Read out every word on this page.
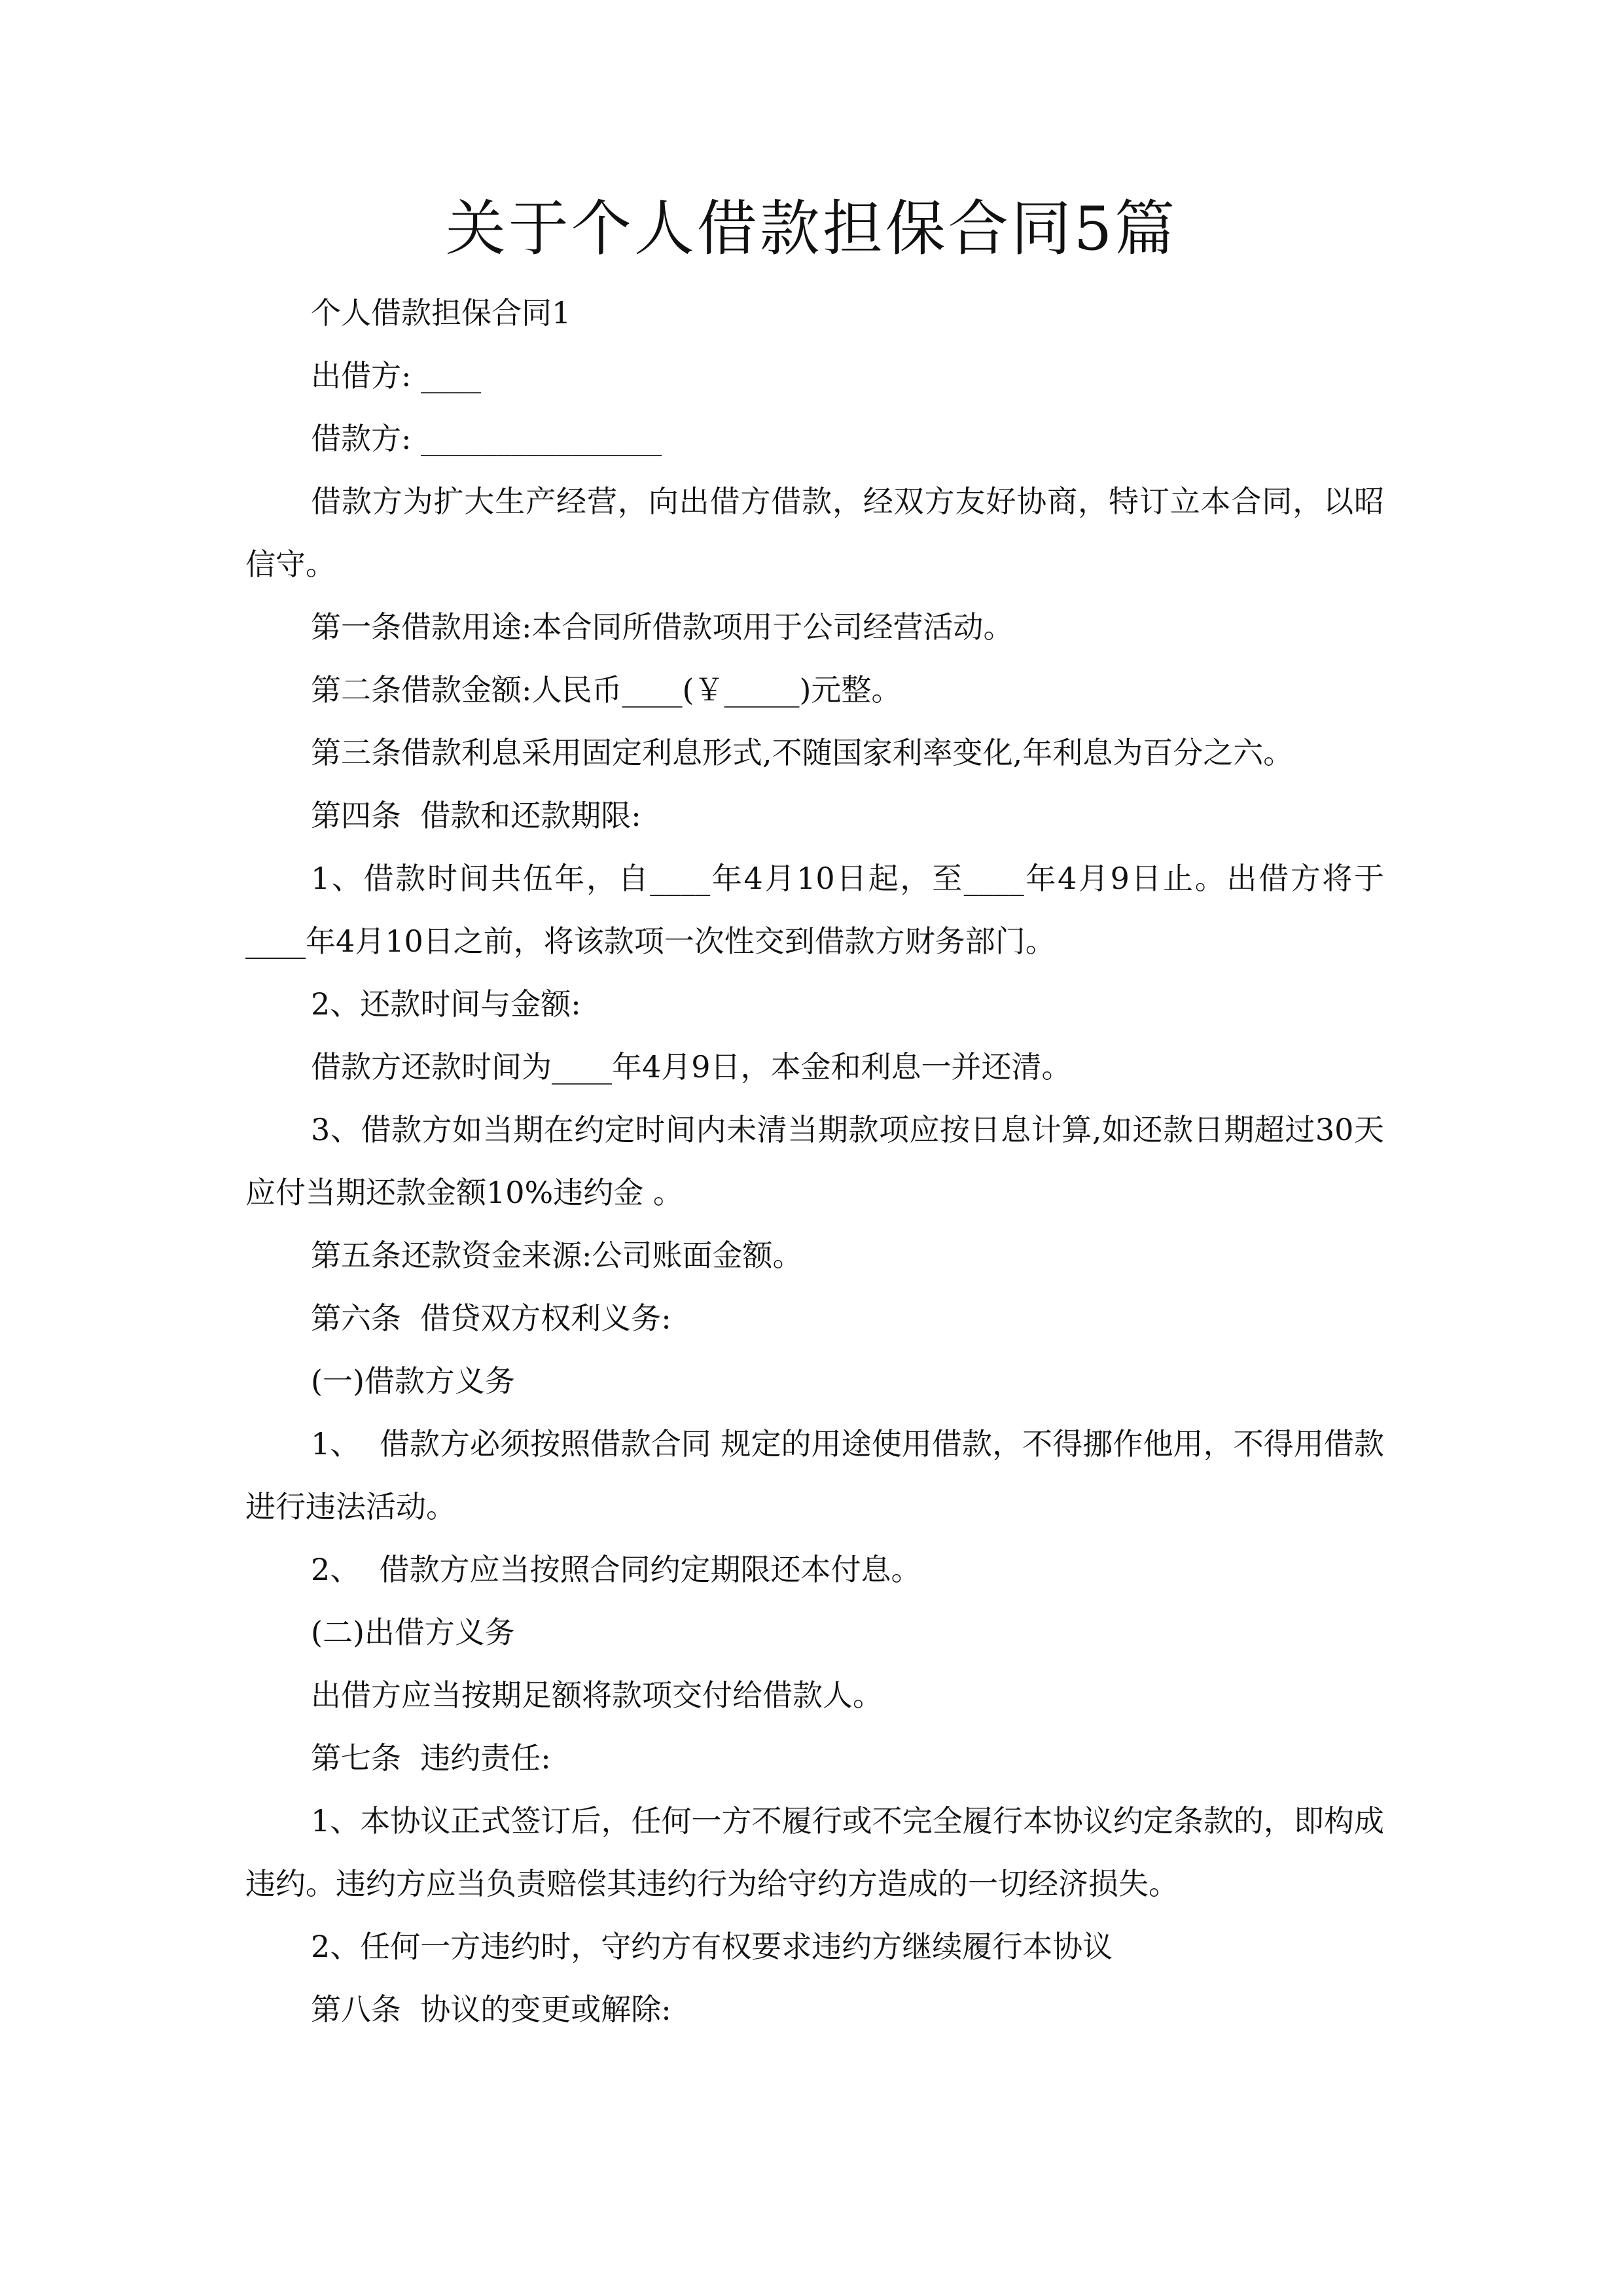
关于个人借款担保合同5篇

个人借款担保合同1

出借方: ____

借款方: ________________

借款方为扩大生产经营，向出借方借款，经双方友好协商，特订立本合同，以昭信守。

第一条借款用途:本合同所借款项用于公司经营活动。

第二条借款金额:人民币____(￥_____)元整。

第三条借款利息采用固定利息形式,不随国家利率变化,年利息为百分之六。

第四条  借款和还款期限:

1、借款时间共伍年，自____年4月10日起，至____年4月9日止。出借方将于____年4月10日之前，将该款项一次性交到借款方财务部门。

2、还款时间与金额:

借款方还款时间为____年4月9日，本金和利息一并还清。

3、借款方如当期在约定时间内未清当期款项应按日息计算,如还款日期超过30天应付当期还款金额10%违约金 。

第五条还款资金来源:公司账面金额。

第六条  借贷双方权利义务:

(一)借款方义务

1、  借款方必须按照借款合同 规定的用途使用借款，不得挪作他用，不得用借款进行违法活动。

2、  借款方应当按照合同约定期限还本付息。

(二)出借方义务

出借方应当按期足额将款项交付给借款人。

第七条  违约责任:

1、本协议正式签订后，任何一方不履行或不完全履行本协议约定条款的，即构成违约。违约方应当负责赔偿其违约行为给守约方造成的一切经济损失。

2、任何一方违约时，守约方有权要求违约方继续履行本协议

第八条  协议的变更或解除:
